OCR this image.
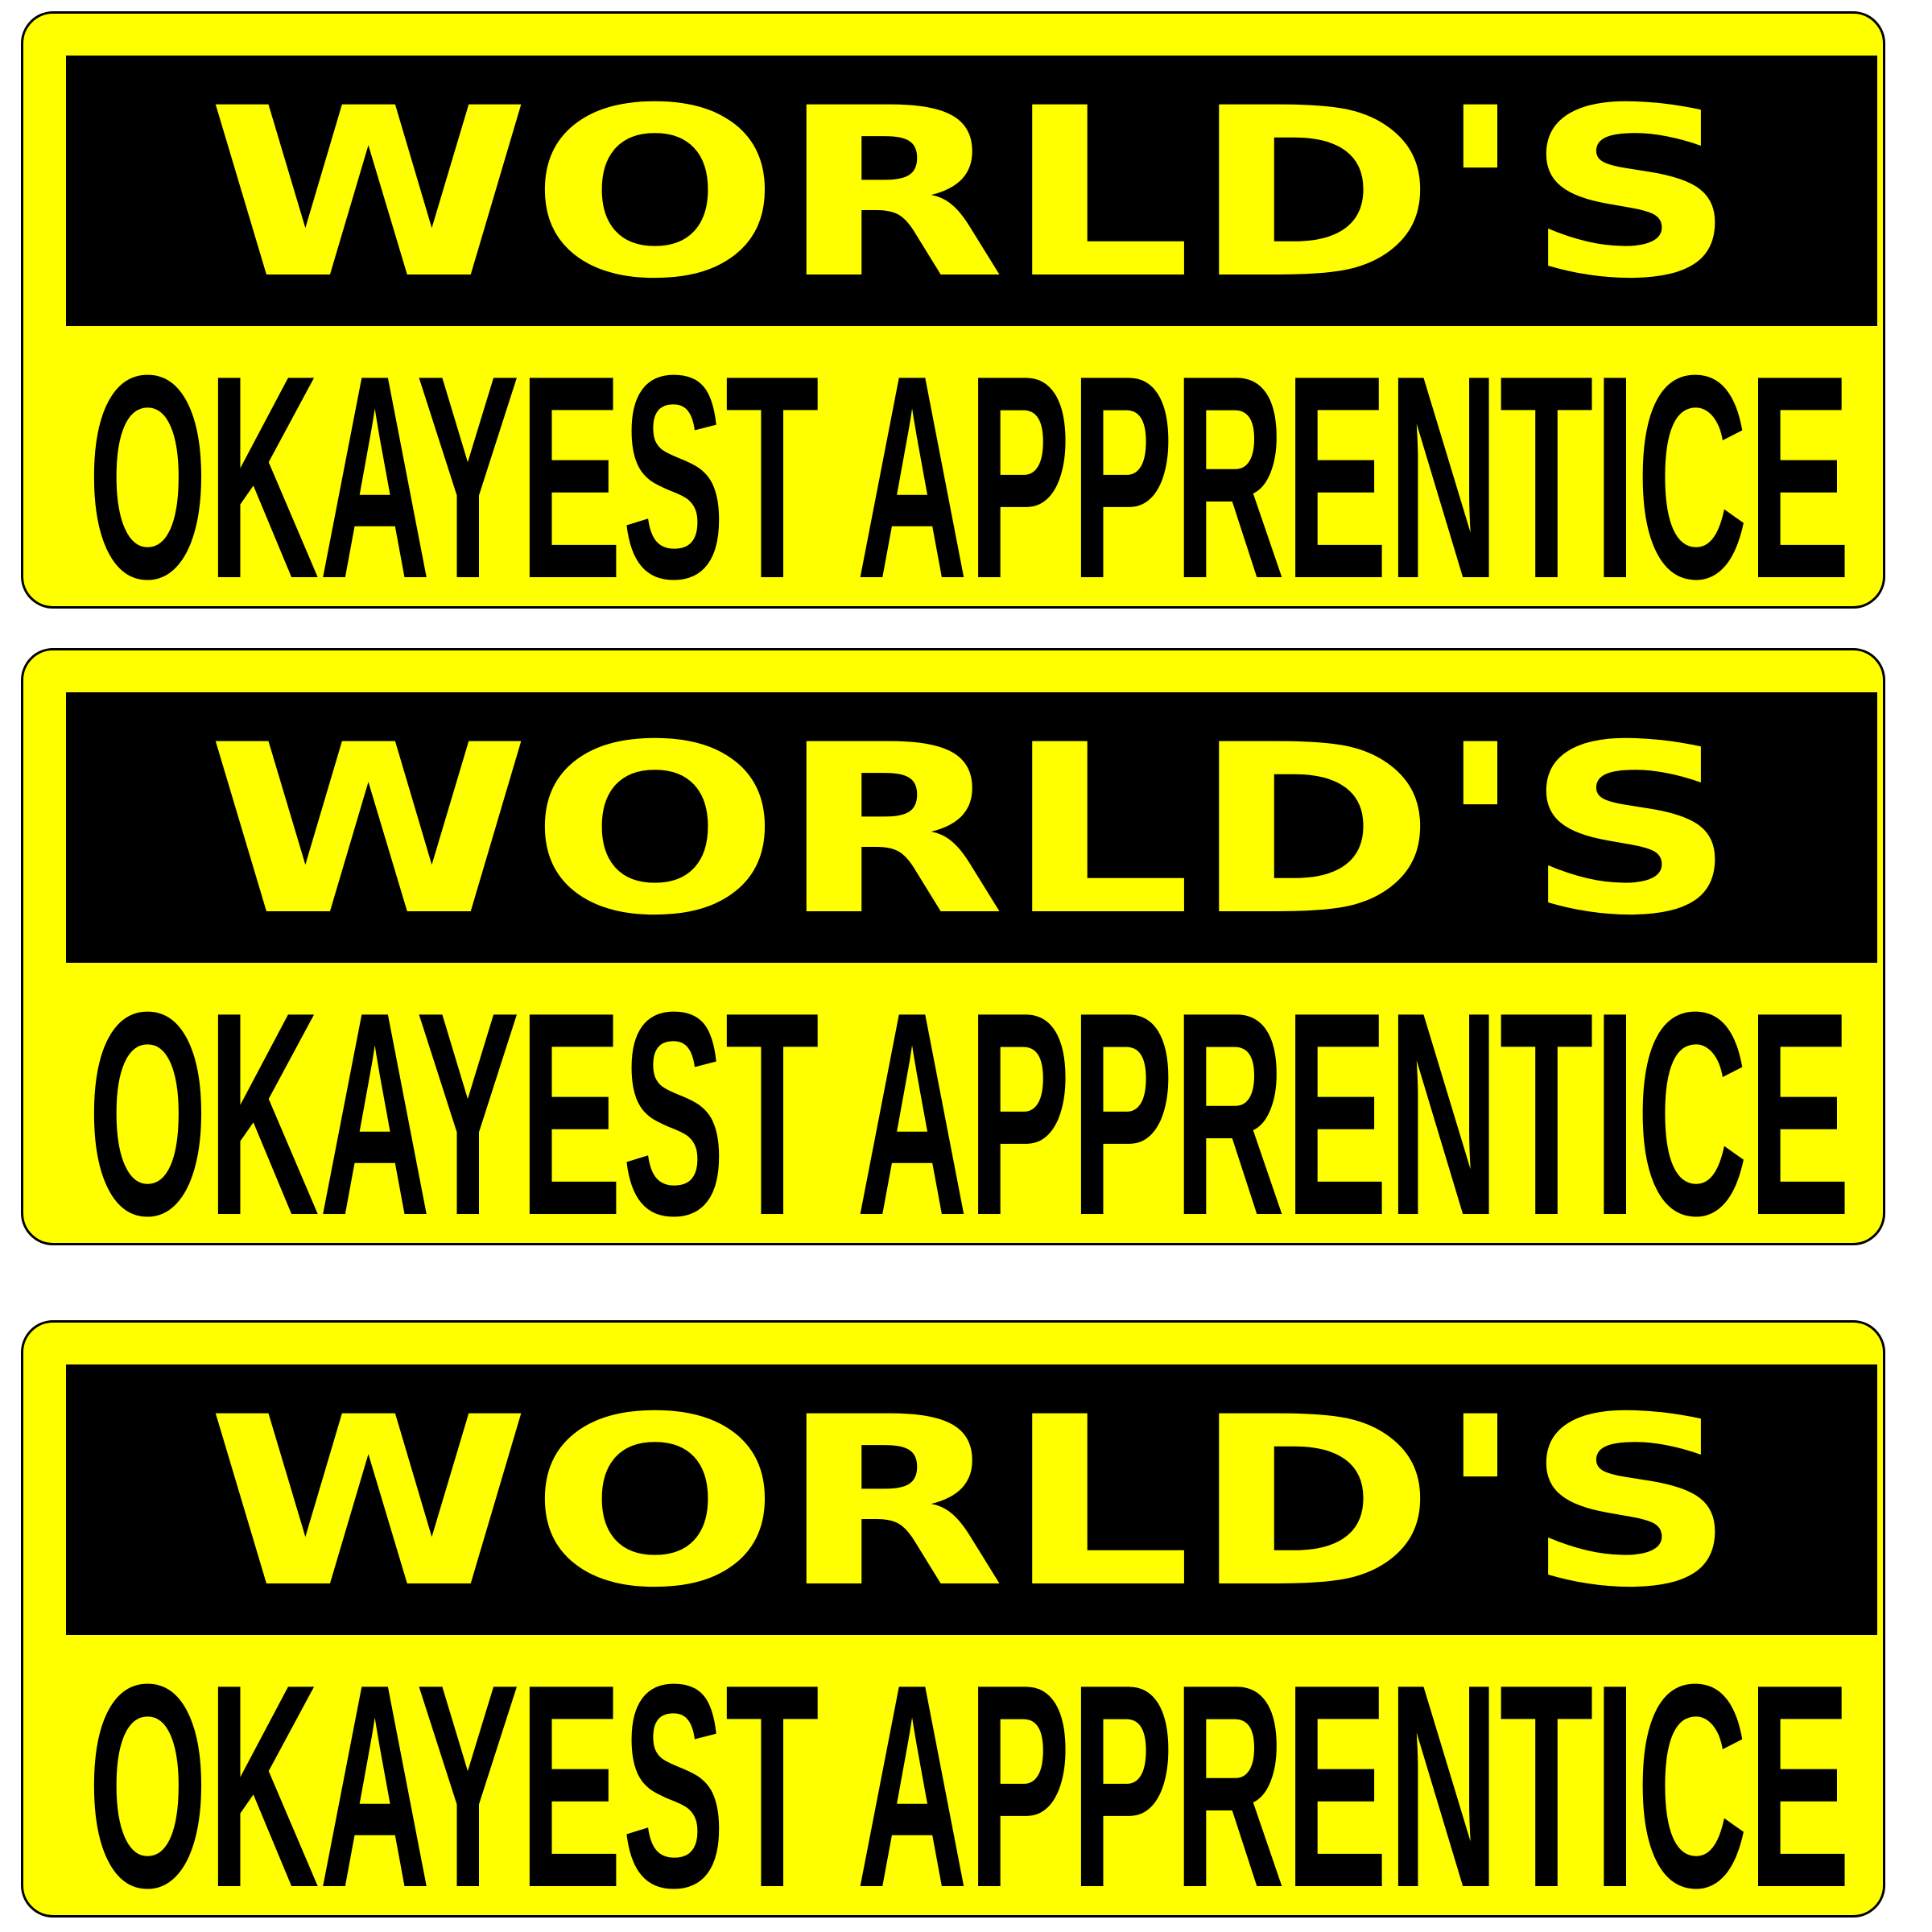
WORLD'S
OKAYEST APPRENTICE
WORLD'S
OKAYEST APPRENTICE
WORLD'S
OKAYEST APPRENTICE
